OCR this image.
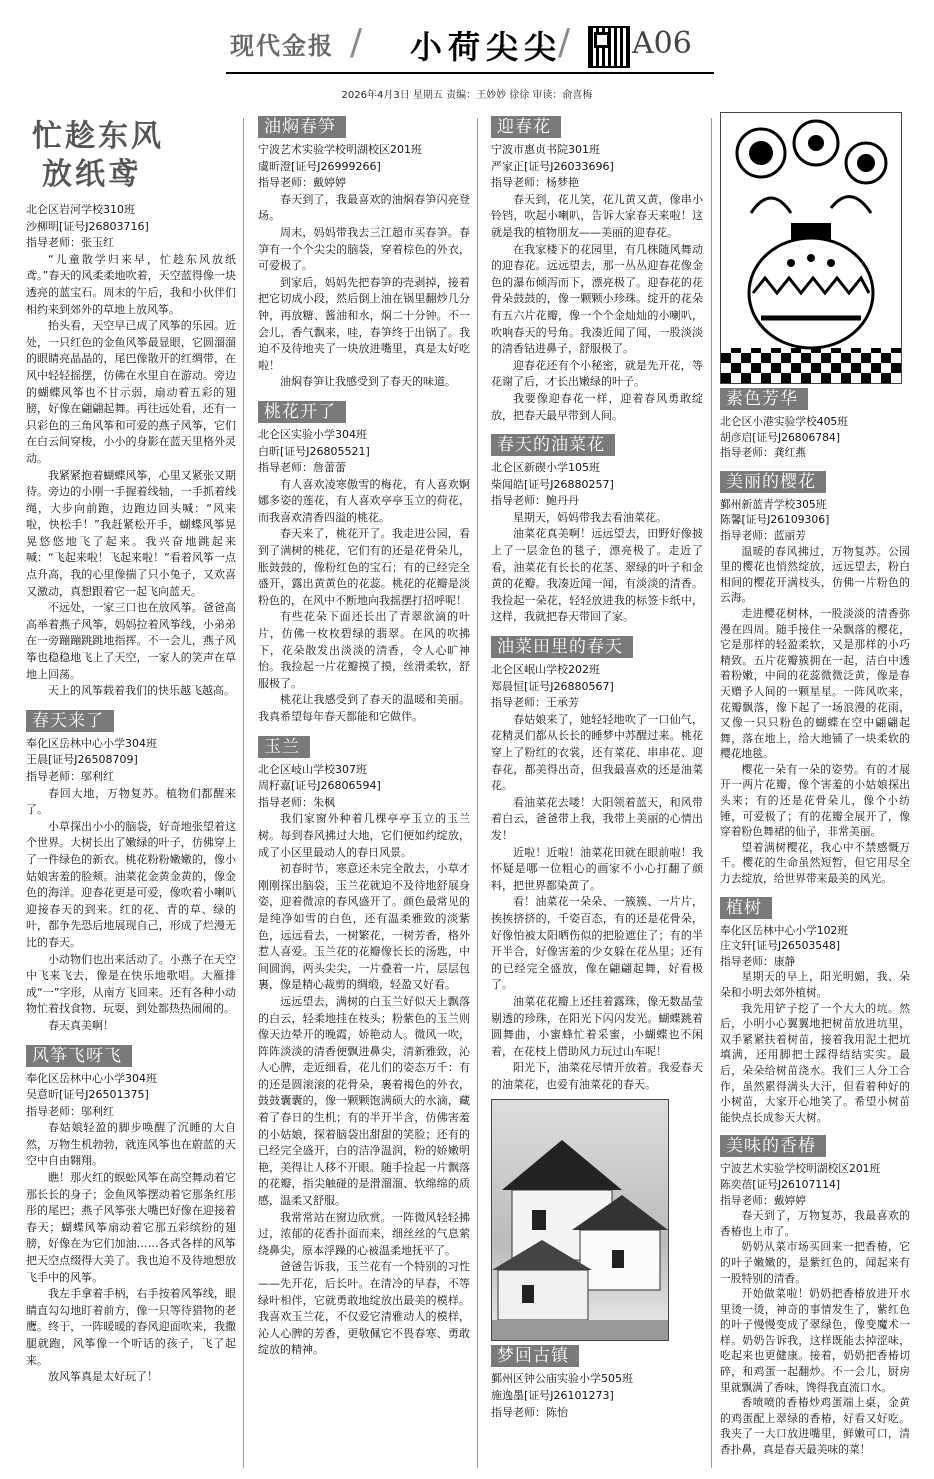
现代金报 / 小荷尖尖
/ A06
2026年4月3日 星期五 责编：王妙妙 徐徐 审读：俞喜梅
忙趁东风
放纸鸢
北仑区岩河学校310班
沙柳明[证号J26803716]
指导老师：张玉红

“儿童散学归来早，忙趁东风放纸鸢。”春天的风柔柔地吹着，天空蓝得像一块透亮的蓝宝石。周末的午后，我和小伙伴们相约来到郊外的草地上放风筝。

抬头看，天空早已成了风筝的乐园。近处，一只红色的金鱼风筝最显眼，它圆溜溜的眼睛亮晶晶的，尾巴像散开的红绸带，在风中轻轻摇摆，仿佛在水里自在游动。旁边的蝴蝶风筝也不甘示弱，扇动着五彩的翅膀，好像在翩翩起舞。再往远处看，还有一只彩色的三角风筝和可爱的燕子风筝，它们在白云间穿梭，小小的身影在蓝天里格外灵动。

我紧紧抱着蝴蝶风筝，心里又紧张又期待。旁边的小刚一手握着线轴，一手抓着线绳，大步向前跑，边跑边回头喊：“风来啦，快松手！”我赶紧松开手，蝴蝶风筝晃晃悠悠地飞了起来。我兴奋地跳起来喊：“飞起来啦！飞起来啦！”看着风筝一点点升高，我的心里像揣了只小兔子，又欢喜又激动，真想跟着它一起飞向蓝天。

不远处，一家三口也在放风筝。爸爸高高举着燕子风筝，妈妈拉着风筝线，小弟弟在一旁蹦蹦跳跳地指挥。不一会儿，燕子风筝也稳稳地飞上了天空，一家人的笑声在草地上回荡。

天上的风筝载着我们的快乐越飞越高。

春天来了
奉化区岳林中心小学304班
王晨[证号J26508709]
指导老师：邬利红

春回大地，万物复苏。植物们都醒来了。

小草探出小小的脑袋，好奇地张望着这个世界。大树长出了嫩绿的叶子，仿佛穿上了一件绿色的新衣。桃花粉粉嫩嫩的，像小姑娘害羞的脸颊。油菜花金黄金黄的，像金色的海洋。迎春花更是可爱，像吹着小喇叭迎接春天的到来。红的花、青的草、绿的叶，都争先恐后地展现自己，形成了烂漫无比的春天。

小动物们也出来活动了。小燕子在天空中飞来飞去，像是在快乐地歌唱。大雁排成“一”字形，从南方飞回来。还有各种小动物忙着找食物、玩耍，到处都热热闹闹的。

春天真美啊！

风筝飞呀飞
奉化区岳林中心小学304班
吴意昕[证号J26501375]
指导老师：邬利红

春姑娘轻盈的脚步唤醒了沉睡的大自然，万物生机勃勃，就连风筝也在蔚蓝的天空中自由翱翔。

瞧！那火红的蜈蚣风筝在高空舞动着它那长长的身子；金鱼风筝摆动着它那条红彤彤的尾巴；燕子风筝张大嘴巴好像在迎接着春天；蝴蝶风筝扇动着它那五彩缤纷的翅膀，好像在为它们加油……各式各样的风筝把天空点缀得大美了。我也迫不及待地想放飞手中的风筝。

我左手拿着手柄，右手按着风筝线，眼睛直勾勾地盯着前方，像一只等待猎物的老鹰。终于，一阵暖暖的春风迎面吹来，我撒腿就跑，风筝像一个听话的孩子，飞了起来。

放风筝真是太好玩了！

油焖春笋
宁波艺术实验学校明湖校区201班
虞昕澄[证号J26999266]
指导老师：戴婷婷

春天到了，我最喜欢的油焖春笋闪亮登场。

周末，妈妈带我去三江超市买春笋。春笋有一个个尖尖的脑袋，穿着棕色的外衣，可爱极了。

到家后，妈妈先把春笋的壳剥掉，接着把它切成小段，然后倒上油在锅里翻炒几分钟，再放糖、酱油和水，焖二十分钟。不一会儿，香气飘来，哇，春笋终于出锅了。我迫不及待地夹了一块放进嘴里，真是太好吃啦！

油焖春笋让我感受到了春天的味道。

桃花开了
北仑区实验小学304班
白昕[证号J26805521]
指导老师：詹蕾蕾

有人喜欢凌寒傲雪的梅花，有人喜欢婀娜多姿的莲花，有人喜欢亭亭玉立的荷花，而我喜欢清香四溢的桃花。

春天来了，桃花开了。我走进公园，看到了满树的桃花，它们有的还是花骨朵儿，胀鼓鼓的，像粉红色的宝石；有的已经完全盛开，露出黄黄色的花蕊。桃花的花瓣是淡粉色的，在风中不断地向我摇摆打招呼呢！

有些花朵下面还长出了青翠欲滴的叶片，仿佛一枚枚碧绿的翡翠。在风的吹拂下，花朵散发出淡淡的清香，令人心旷神怡。我捡起一片花瓣摸了摸，丝滑柔软，舒服极了。

桃花让我感受到了春天的温暖和美丽。我真希望每年春天都能和它做伴。

玉兰
北仑区岐山学校307班
周籽嘉[证号J26806594]
指导老师：朱枫

我们家窗外种着几棵亭亭玉立的玉兰树。每到春风拂过大地，它们便如约绽放，成了小区里最动人的春日风景。

初春时节，寒意还未完全散去，小草才刚刚探出脑袋，玉兰花就迫不及待地舒展身姿，迎着微凉的春风盛开了。颜色最常见的是纯净如雪的白色，还有温柔雅致的淡紫色，远远看去，一树繁花，一树芳香，格外惹人喜爱。玉兰花的花瓣像长长的汤匙，中间圆润，两头尖尖，一片叠着一片，层层包裹，像是精心裁剪的绸缎，轻盈又好看。

远远望去，满树的白玉兰好似天上飘落的白云，轻柔地挂在枝头；粉紫色的玉兰则像天边晕开的晚霞，娇艳动人。微风一吹，阵阵淡淡的清香便飘进鼻尖，清新雅致，沁人心脾，走近细看，花儿们的姿态万千：有的还是圆滚滚的花骨朵，裹着褐色的外衣，鼓鼓囊囊的，像一颗颗饱满硕大的水滴，藏着了春日的生机；有的半开半含，仿佛害羞的小姑娘，探着脑袋出甜甜的笑脸；还有的已经完全盛开，白的洁净温润，粉的娇嫩明艳，美得让人移不开眼。随手捡起一片飘落的花瓣，指尖触碰的是滑溜溜、软绵绵的质感，温柔又舒服。

我常常站在窗边欣赏。一阵微风轻轻拂过，浓郁的花香扑面而来，细丝丝的气息萦绕鼻尖，原本浮躁的心被温柔地抚平了。

爸爸告诉我，玉兰花有一个特别的习性——先开花，后长叶。在清冷的早春，不等绿叶相伴，它就勇敢地绽放出最美的模样。我喜欢玉兰花，不仅爱它清雅动人的模样，沁人心脾的芳香，更敬佩它不畏春寒、勇敢绽放的精神。

迎春花
宁波市惠贞书院301班
严家正[证号J26033696]
指导老师：杨梦艳

春天到，花儿笑，花儿黄又黄，像串小铃铛，吹起小喇叭，告诉大家春天来啦！这就是我的植物朋友——美丽的迎春花。

在我家楼下的花园里，有几株随风舞动的迎春花。远远望去，那一丛丛迎春花像金色的瀑布倾泻而下，漂亮极了。迎春花的花骨朵鼓鼓的，像一颗颗小珍珠。绽开的花朵有五六片花瓣，像一个个金灿灿的小喇叭，吹响春天的号角。我凑近闻了闻，一股淡淡的清香钻进鼻子，舒服极了。

迎春花还有个小秘密，就是先开花，等花谢了后，才长出嫩绿的叶子。

我要像迎春花一样，迎着春风勇敢绽放，把春天最早带到人间。

春天的油菜花
北仑区新碶小学105班
柴闻皓[证号J26880257]
指导老师：鲍丹丹

星期天，妈妈带我去看油菜花。

油菜花真美啊！远远望去，田野好像披上了一层金色的毯子，漂亮极了。走近了看，油菜花有长长的花茎、翠绿的叶子和金黄的花瓣。我凑近闻一闻，有淡淡的清香。我捡起一朵花，轻轻放进我的标签卡纸中，这样，我就把春天带回了家。

油菜田里的春天
北仑区岷山学校202班
郑晨恒[证号J26880567]
指导老师：王承芳

春姑娘来了，她轻轻地吹了一口仙气，花精灵们都从长长的睡梦中苏醒过来。桃花穿上了粉红的衣裳，还有菜花、串串花、迎春花，都美得出奇，但我最喜欢的还是油菜花。

看油菜花去喽！大阳领着蓝天，和风带着白云，爸爸带上我，我带上美丽的心情出发！

近啦！近啦！油菜花田就在眼前啦！我怀疑是哪一位粗心的画家不小心打翻了颜料，把世界都染黄了。

看！油菜花一朵朵、一簇簇、一片片，挨挨挤挤的，千姿百态，有的还是花骨朵，好像怕被太阳晒伤似的把脸遮住了；有的半开半合，好像害羞的少女躲在花丛里；还有的已经完全盛放，像在翩翩起舞，好看极了。

油菜花花瓣上还挂着露珠，像无数晶莹剔透的珍珠，在阳光下闪闪发光。蝴蝶跳着圆舞曲，小蜜蜂忙着采蜜，小蝴蝶也不闲着，在花枝上借助风力玩过山车呢！

阳光下，油菜花尽情开放着。我爱春天的油菜花，也爱有油菜花的春天。

梦回古镇
鄞州区钟公庙实验小学505班
施逸墨[证号J26101273]
指导老师：陈怡
素色芳华
北仑区小港实验学校405班
胡彦启[证号J26806784]
指导老师：龚红燕
美丽的樱花
鄞州新蓝青学校305班
陈馨[证号J26109306]
指导老师：蓝丽芳

温暖的春风拂过，万物复苏。公园里的樱花也悄然绽放，远远望去，粉白相间的樱花开满枝头，仿佛一片粉色的云海。

走进樱花树林，一股淡淡的清香弥漫在四周。随手接住一朵飘落的樱花，它是那样的轻盈柔软，又是那样的小巧精致。五片花瓣簇拥在一起，洁白中透着粉嫩，中间的花蕊微微泛黄，像是春天赠予人间的一颗星星。一阵风吹来，花瓣飘落，像下起了一场浪漫的花雨，又像一只只粉色的蝴蝶在空中翩翩起舞，落在地上，给大地铺了一块柔软的樱花地毯。

樱花一朵有一朵的姿势。有的才展开一两片花瓣，像个害羞的小姑娘探出头来；有的还是花骨朵儿，像个小纺锤，可爱极了；有的花瓣全展开了，像穿着粉色舞裙的仙子，非常美丽。

望着满树樱花，我心中不禁感慨万千。樱花的生命虽然短暂，但它用尽全力去绽放，给世界带来最美的风光。

植树
奉化区岳林中心小学102班
庄文轩[证号J26503548]
指导老师：康静

星期天的早上，阳光明媚，我、朵朵和小明去郊外植树。

我先用铲子挖了一个大大的坑。然后，小明小心翼翼地把树苗放进坑里，双手紧紧扶着树苗，接着我用泥土把坑填满，还用脚把土踩得结结实实。最后，朵朵给树苗浇水。我们三人分工合作，虽然累得满头大汗，但看着种好的小树苗，大家开心地笑了。希望小树苗能快点长成参天大树。

美味的香椿
宁波艺术实验学校明湖校区201班
陈奕蓓[证号J26107114]
指导老师：戴婷婷

春天到了，万物复苏，我最喜欢的香椿也上市了。

奶奶从菜市场买回来一把香椿，它的叶子嫩嫩的，是紫红色的，闻起来有一股特别的清香。

开始做菜啦！奶奶把香椿放进开水里烫一烫，神奇的事情发生了，紫红色的叶子慢慢变成了翠绿色，像变魔术一样。奶奶告诉我，这样既能去掉涩味，吃起来也更健康。接着，奶奶把香椿切碎，和鸡蛋一起翻炒。不一会儿，厨房里就飘满了香味，馋得我直流口水。

香喷喷的香椿炒鸡蛋端上桌，金黄的鸡蛋配上翠绿的香椿，好看又好吃。我夹了一大口放进嘴里，鲜嫩可口，清香扑鼻，真是春天最美味的菜！
